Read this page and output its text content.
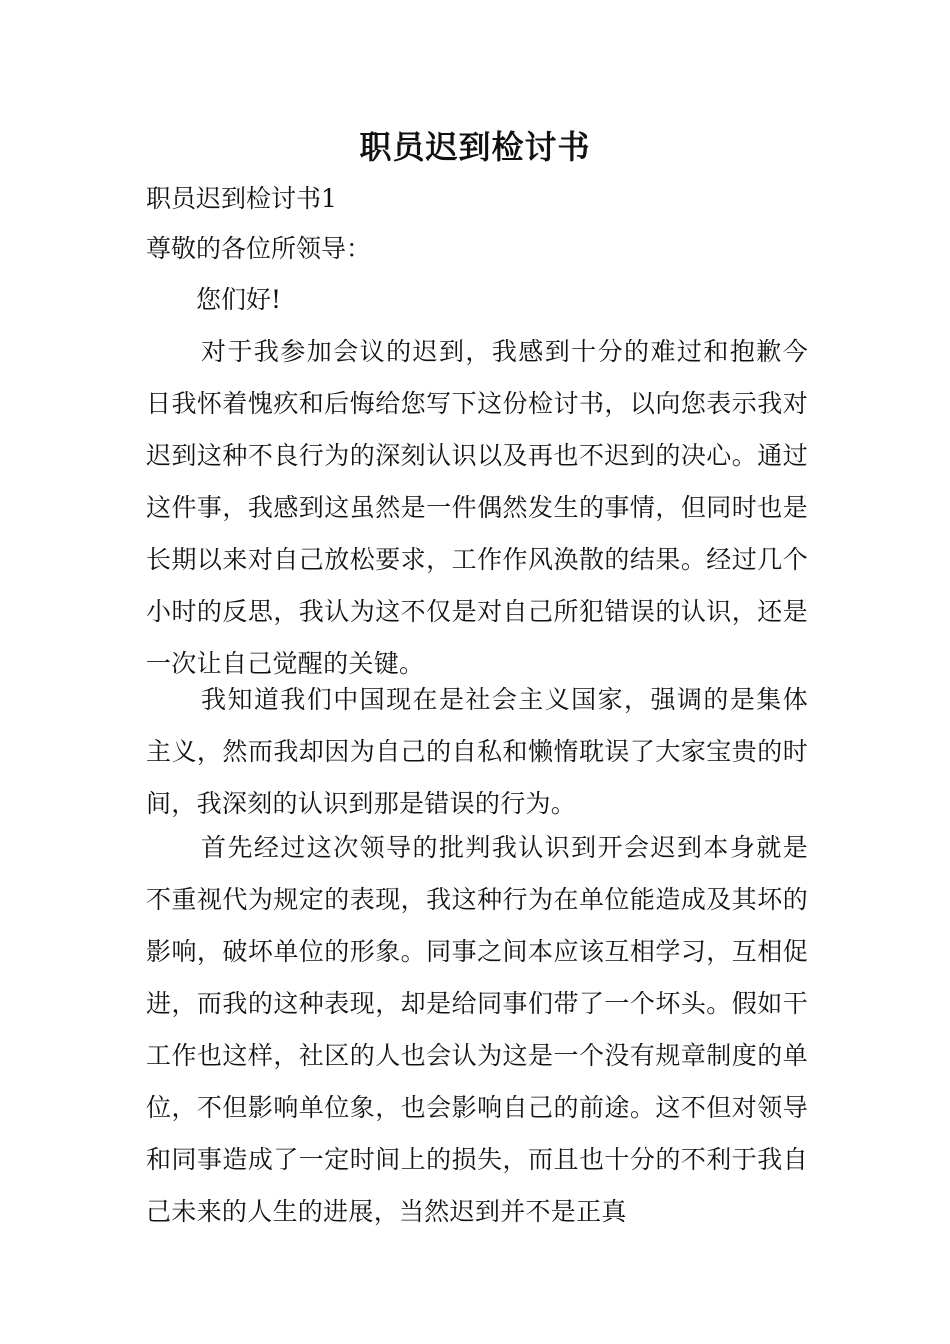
职员迟到检讨书

职员迟到检讨书1

尊敬的各位所领导：

您们好!

对于我参加会议的迟到，我感到十分的难过和抱歉今日我怀着愧疚和后悔给您写下这份检讨书，以向您表示我对迟到这种不良行为的深刻认识以及再也不迟到的决心。通过这件事，我感到这虽然是一件偶然发生的事情，但同时也是长期以来对自己放松要求，工作作风涣散的结果。经过几个小时的反思，我认为这不仅是对自己所犯错误的认识，还是一次让自己觉醒的关键。

我知道我们中国现在是社会主义国家，强调的是集体主义，然而我却因为自己的自私和懒惰耽误了大家宝贵的时间，我深刻的认识到那是错误的行为。

首先经过这次领导的批判我认识到开会迟到本身就是不重视代为规定的表现，我这种行为在单位能造成及其坏的影响，破坏单位的形象。同事之间本应该互相学习，互相促进，而我的这种表现，却是给同事们带了一个坏头。假如干工作也这样，社区的人也会认为这是一个没有规章制度的单位，不但影响单位象，也会影响自己的前途。这不但对领导和同事造成了一定时间上的损失，而且也十分的不利于我自己未来的人生的进展，当然迟到并不是正真
